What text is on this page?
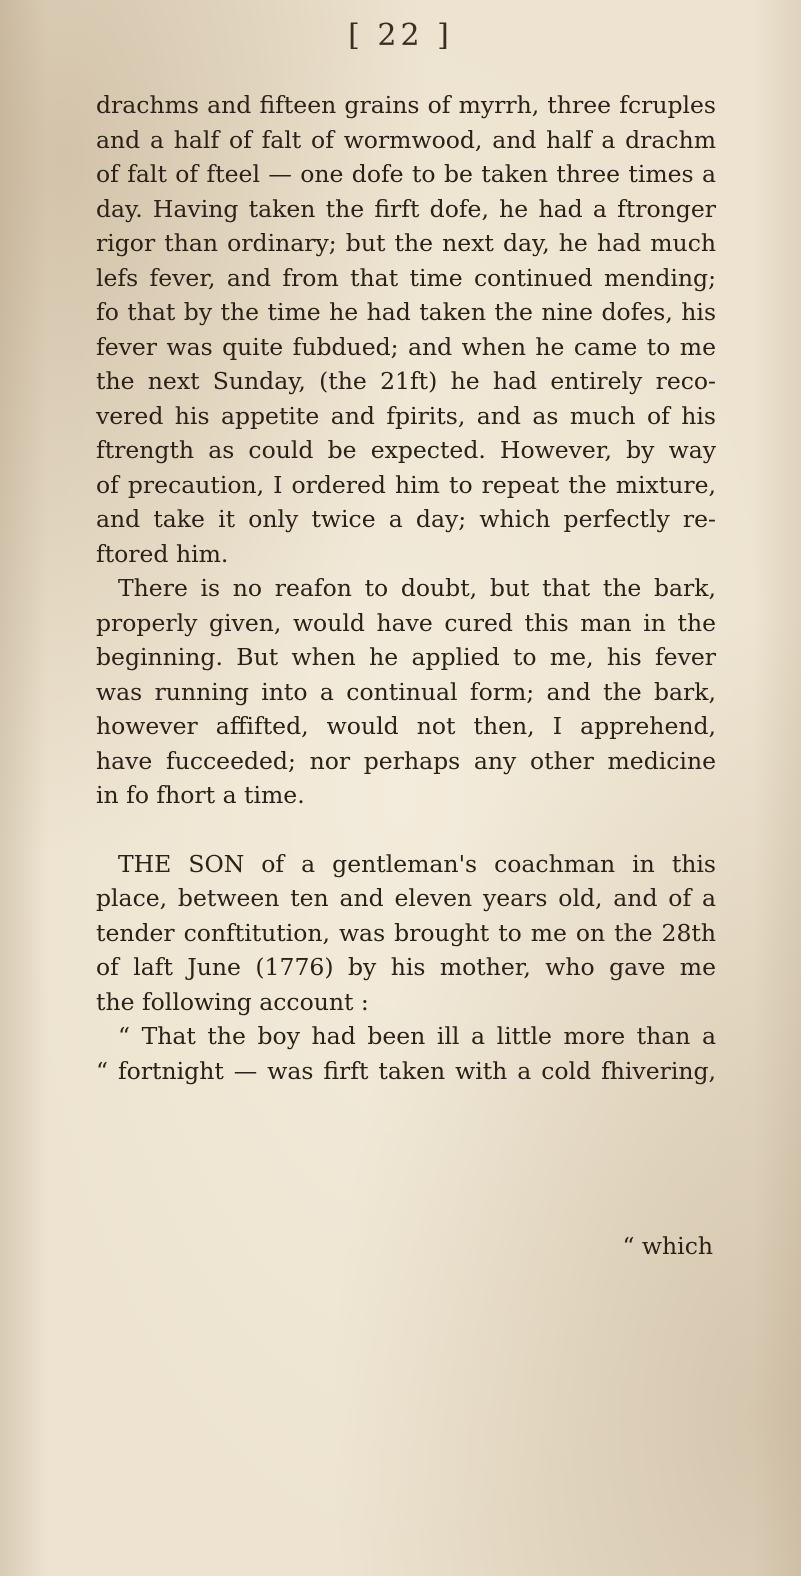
[ 22 ]

drachms and fifteen grains of myrrh, three fcruples
and a half of falt of wormwood, and half a drachm
of falt of fteel — one dofe to be taken three times a
day. Having taken the firft dofe, he had a ftronger
rigor than ordinary; but the next day, he had much
lefs fever, and from that time continued mending;
fo that by the time he had taken the nine dofes, his
fever was quite fubdued; and when he came to me
the next Sunday, (the 21ft) he had entirely reco-
vered his appetite and fpirits, and as much of his
ftrength as could be expected. However, by way
of precaution, I ordered him to repeat the mixture,
and take it only twice a day; which perfectly re-
ftored him.

There is no reafon to doubt, but that the bark,
properly given, would have cured this man in the
beginning. But when he applied to me, his fever
was running into a continual form; and the bark,
however affifted, would not then, I apprehend,
have fucceeded; nor perhaps any other medicine
in fo fhort a time.

THE SON of a gentleman's coachman in this
place, between ten and eleven years old, and of a
tender conftitution, was brought to me on the 28th
of laft June (1776) by his mother, who gave me
the following account :

“ That the boy had been ill a little more than a
“ fortnight — was firft taken with a cold fhivering,

“ which
